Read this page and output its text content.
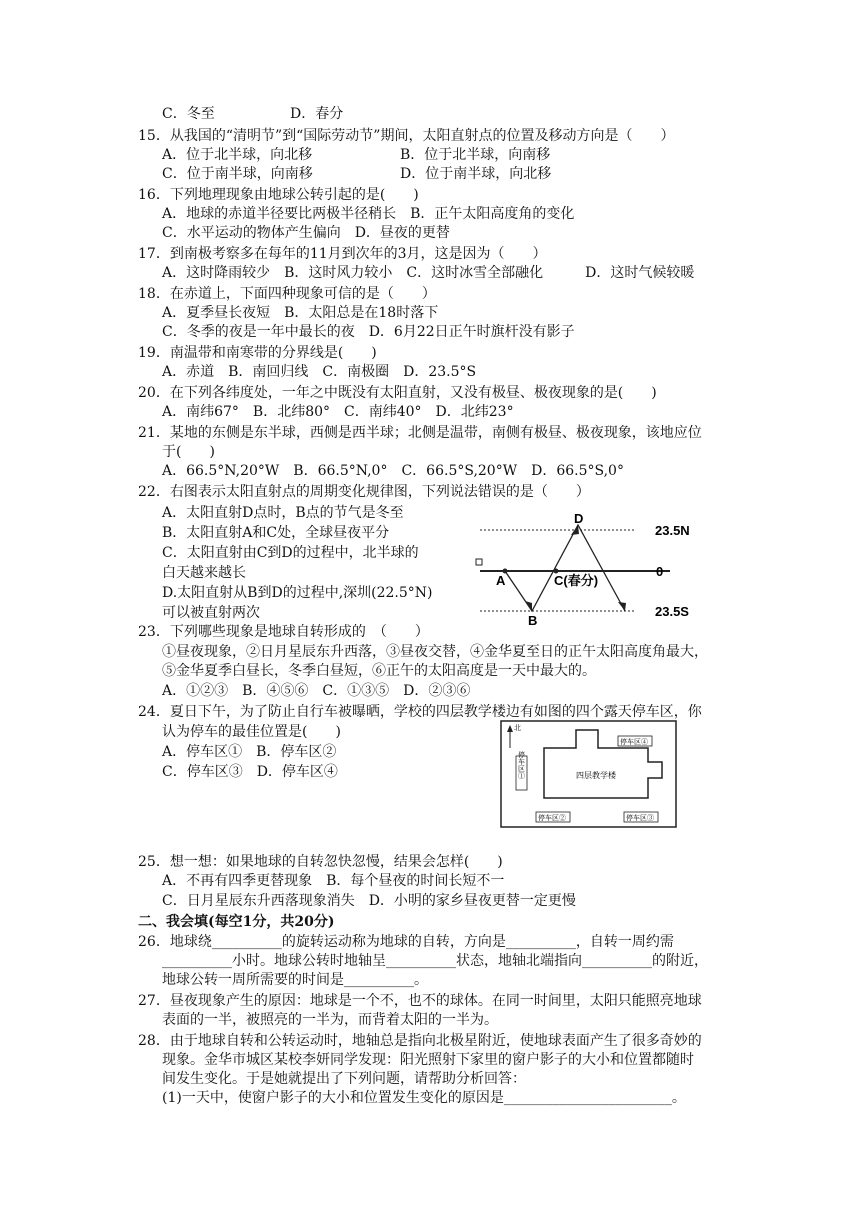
D
A	C(春分)
B
23.5N
0
23.5S
北
四层教学楼
停车区④
停车区①
停车区②	停车区③
C．冬至	D．春分
15．从我国的“清明节”到“国际劳动节”期间，太阳直射点的位置及移动方向是（　　）
A．位于北半球，向北移	B．位于北半球，向南移
C．位于南半球，向南移	D．位于南半球，向北移
16．下列地理现象由地球公转引起的是(　　)
A．地球的赤道半径要比两极半径稍长　B．正午太阳高度角的变化
C．水平运动的物体产生偏向　D．昼夜的更替
17．到南极考察多在每年的11月到次年的3月，这是因为（　　）
A．这时降雨较少　B．这时风力较小　C．这时冰雪全部融化　　　D．这时气候较暖
18．在赤道上，下面四种现象可信的是（　　）
A．夏季昼长夜短　B．太阳总是在18时落下
C．冬季的夜是一年中最长的夜　D．6月22日正午时旗杆没有影子
19．南温带和南寒带的分界线是(　　)
A．赤道　B．南回归线　C．南极圈　D．23.5°S
20．在下列各纬度处，一年之中既没有太阳直射，又没有极昼、极夜现象的是(　　)
A．南纬67°　B．北纬80°　C．南纬40°　D．北纬23°
21．某地的东侧是东半球，西侧是西半球；北侧是温带，南侧有极昼、极夜现象，该地应位
于(　　)
A．66.5°N,20°W　B．66.5°N,0°　C．66.5°S,20°W　D．66.5°S,0°
22．右图表示太阳直射点的周期变化规律图，下列说法错误的是（　　）
A．太阳直射D点时，B点的节气是冬至
B．太阳直射A和C处，全球昼夜平分
C．太阳直射由C到D的过程中，北半球的
白天越来越长
D.太阳直射从B到D的过程中,深圳(22.5°N)
可以被直射两次
23．下列哪些现象是地球自转形成的　（　　）
①昼夜现象，②日月星辰东升西落，③昼夜交替，④金华夏至日的正午太阳高度角最大，
⑤金华夏季白昼长，冬季白昼短，⑥正午的太阳高度是一天中最大的。
A．①②③　B．④⑤⑥　C．①③⑤　D．②③⑥
24．夏日下午，为了防止自行车被曝晒，学校的四层教学楼边有如图的四个露天停车区，你
认为停车的最佳位置是(　　)
A．停车区①　B．停车区②
C．停车区③　D．停车区④
25．想一想：如果地球的自转忽快忽慢，结果会怎样(　　)
A．不再有四季更替现象　B．每个昼夜的时间长短不一
C．日月星辰东升西落现象消失　D．小明的家乡昼夜更替一定更慢
二、我会填(每空1分，共20分)
26．地球绕__________的旋转运动称为地球的自转，方向是__________，自转一周约需
__________小时。地球公转时地轴呈__________状态，地轴北端指向__________的附近，
地球公转一周所需要的时间是__________。
27．昼夜现象产生的原因：地球是一个不，也不的球体。在同一时间里，太阳只能照亮地球
表面的一半，被照亮的一半为，而背着太阳的一半为。
28．由于地球自转和公转运动时，地轴总是指向北极星附近，使地球表面产生了很多奇妙的
现象。金华市城区某校李妍同学发现：阳光照射下家里的窗户影子的大小和位置都随时
间发生变化。于是她就提出了下列问题，请帮助分析回答：
(1)一天中，使窗户影子的大小和位置发生变化的原因是________________________。
